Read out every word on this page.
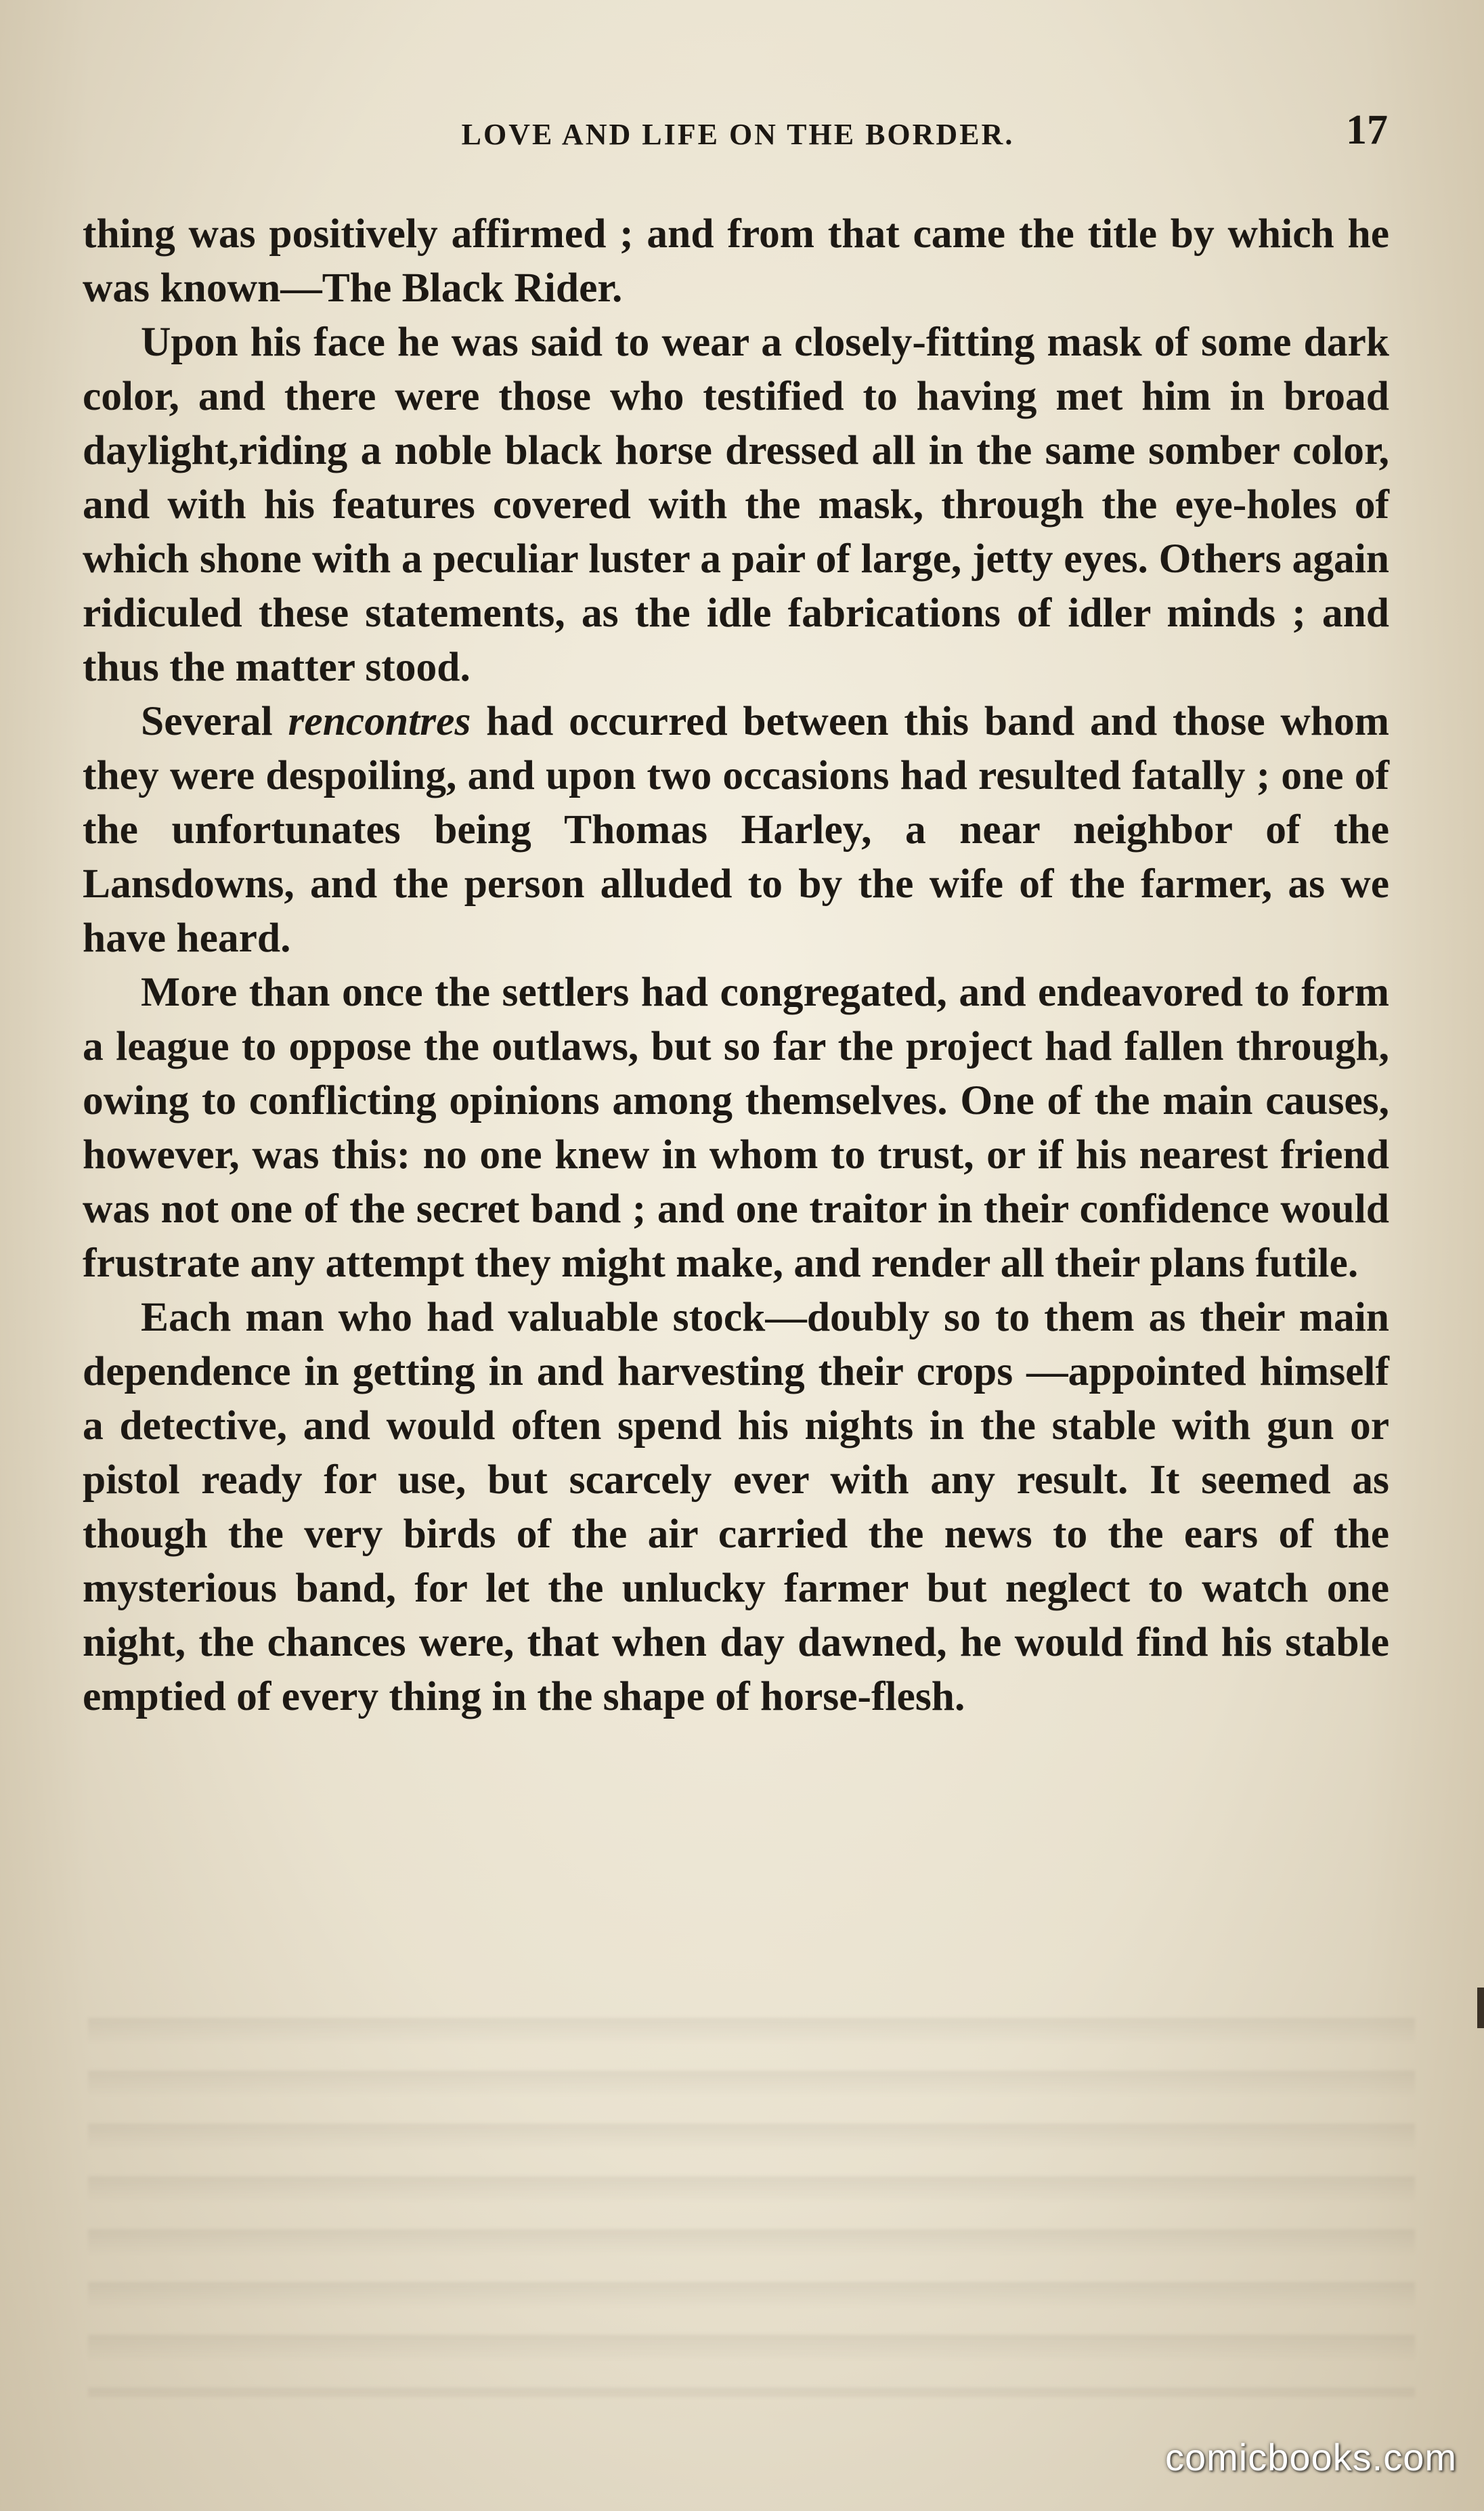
LOVE AND LIFE ON THE BORDER.	17

thing was positively affirmed ; and from that came the title by which he was known—The Black Rider.

Upon his face he was said to wear a closely-fitting mask of some dark color, and there were those who testified to having met him in broad daylight,riding a noble black horse dressed all in the same somber color, and with his features covered with the mask, through the eye-holes of which shone with a peculiar luster a pair of large, jetty eyes. Others again ridiculed these statements, as the idle fabrications of idler minds ; and thus the matter stood.

Several rencontres had occurred between this band and those whom they were despoiling, and upon two occasions had resulted fatally ; one of the unfortunates being Thomas Harley, a near neighbor of the Lansdowns, and the person alluded to by the wife of the farmer, as we have heard.

More than once the settlers had congregated, and endeavored to form a league to oppose the outlaws, but so far the project had fallen through, owing to conflicting opinions among themselves. One of the main causes, however, was this: no one knew in whom to trust, or if his nearest friend was not one of the secret band ; and one traitor in their confidence would frustrate any attempt they might make, and render all their plans futile.

Each man who had valuable stock—doubly so to them as their main dependence in getting in and harvesting their crops —appointed himself a detective, and would often spend his nights in the stable with gun or pistol ready for use, but scarcely ever with any result. It seemed as though the very birds of the air carried the news to the ears of the mysterious band, for let the unlucky farmer but neglect to watch one night, the chances were, that when day dawned, he would find his stable emptied of every thing in the shape of horse-flesh.

comicbooks.com
